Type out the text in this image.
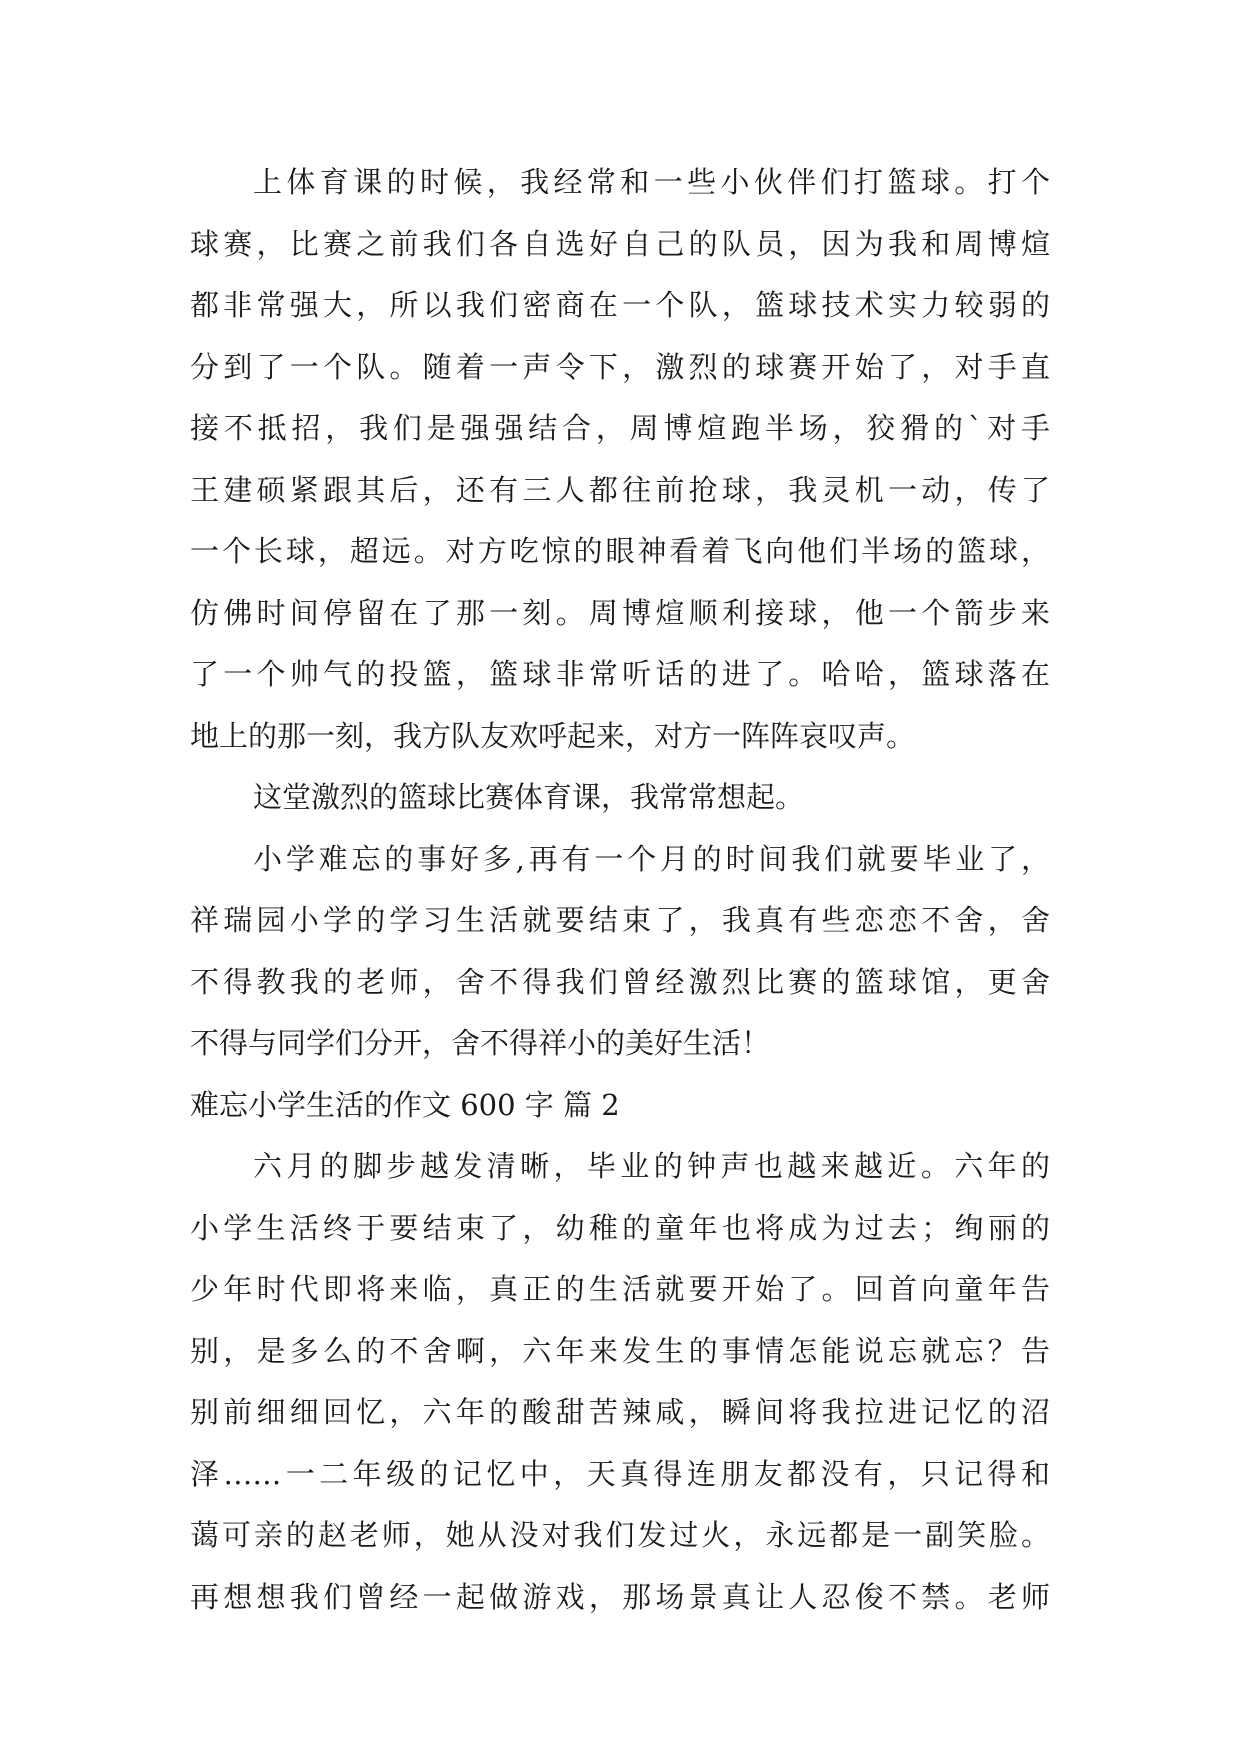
上体育课的时候，我经常和一些小伙伴们打篮球。打个
球赛，比赛之前我们各自选好自己的队员，因为我和周博煊
都非常强大，所以我们密商在一个队，篮球技术实力较弱的
分到了一个队。随着一声令下，激烈的球赛开始了，对手直
接不抵招，我们是强强结合，周博煊跑半场，狡猾的`对手
王建硕紧跟其后，还有三人都往前抢球，我灵机一动，传了
一个长球，超远。对方吃惊的眼神看着飞向他们半场的篮球，
仿佛时间停留在了那一刻。周博煊顺利接球，他一个箭步来
了一个帅气的投篮，篮球非常听话的进了。哈哈，篮球落在
地上的那一刻，我方队友欢呼起来，对方一阵阵哀叹声。
这堂激烈的篮球比赛体育课，我常常想起。
小学难忘的事好多,再有一个月的时间我们就要毕业了，
祥瑞园小学的学习生活就要结束了，我真有些恋恋不舍，舍
不得教我的老师，舍不得我们曾经激烈比赛的篮球馆，更舍
不得与同学们分开，舍不得祥小的美好生活！
难忘小学生活的作文 600 字 篇 2
六月的脚步越发清晰，毕业的钟声也越来越近。六年的
小学生活终于要结束了，幼稚的童年也将成为过去；绚丽的
少年时代即将来临，真正的生活就要开始了。回首向童年告
别，是多么的不舍啊，六年来发生的事情怎能说忘就忘？告
别前细细回忆，六年的酸甜苦辣咸，瞬间将我拉进记忆的沼
泽……一二年级的记忆中，天真得连朋友都没有，只记得和
蔼可亲的赵老师，她从没对我们发过火，永远都是一副笑脸。
再想想我们曾经一起做游戏，那场景真让人忍俊不禁。老师
